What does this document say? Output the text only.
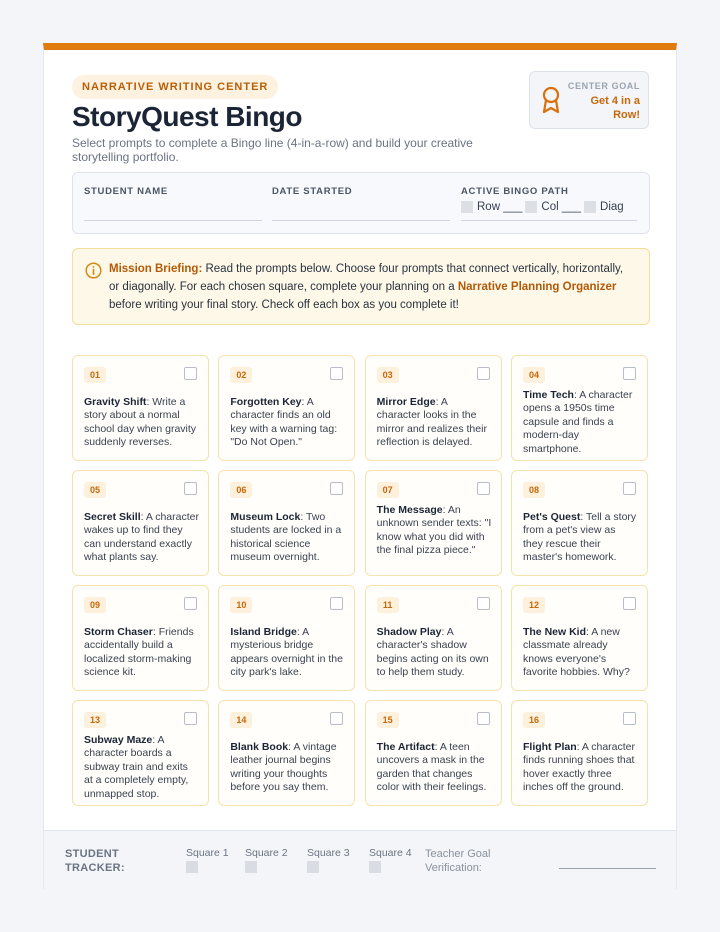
NARRATIVE WRITING CENTER
StoryQuest Bingo
Select prompts to complete a Bingo line (4-in-a-row) and build your creative storytelling portfolio.
CENTER GOAL
Get 4 in a Row!
STUDENT NAME	DATE STARTED	ACTIVE BINGO PATH
Row ___ Col ___ Diag
Mission Briefing: Read the prompts below. Choose four prompts that connect vertically, horizontally, or diagonally. For each chosen square, complete your planning on a Narrative Planning Organizer before writing your final story. Check off each box as you complete it!
01
Gravity Shift: Write a story about a normal school day when gravity suddenly reverses.
02
Forgotten Key: A character finds an old key with a warning tag: "Do Not Open."
03
Mirror Edge: A character looks in the mirror and realizes their reflection is delayed.
04
Time Tech: A character opens a 1950s time capsule and finds a modern-day smartphone.
05
Secret Skill: A character wakes up to find they can understand exactly what plants say.
06
Museum Lock: Two students are locked in a historical science museum overnight.
07
The Message: An unknown sender texts: "I know what you did with the final pizza piece."
08
Pet's Quest: Tell a story from a pet's view as they rescue their master's homework.
09
Storm Chaser: Friends accidentally build a localized storm-making science kit.
10
Island Bridge: A mysterious bridge appears overnight in the city park's lake.
11
Shadow Play: A character's shadow begins acting on its own to help them study.
12
The New Kid: A new classmate already knows everyone's favorite hobbies. Why?
13
Subway Maze: A character boards a subway train and exits at a completely empty, unmapped stop.
14
Blank Book: A vintage leather journal begins writing your thoughts before you say them.
15
The Artifact: A teen uncovers a mask in the garden that changes color with their feelings.
16
Flight Plan: A character finds running shoes that hover exactly three inches off the ground.
STUDENT TRACKER:
Square 1 Square 2 Square 3 Square 4 Teacher Goal Verification:
